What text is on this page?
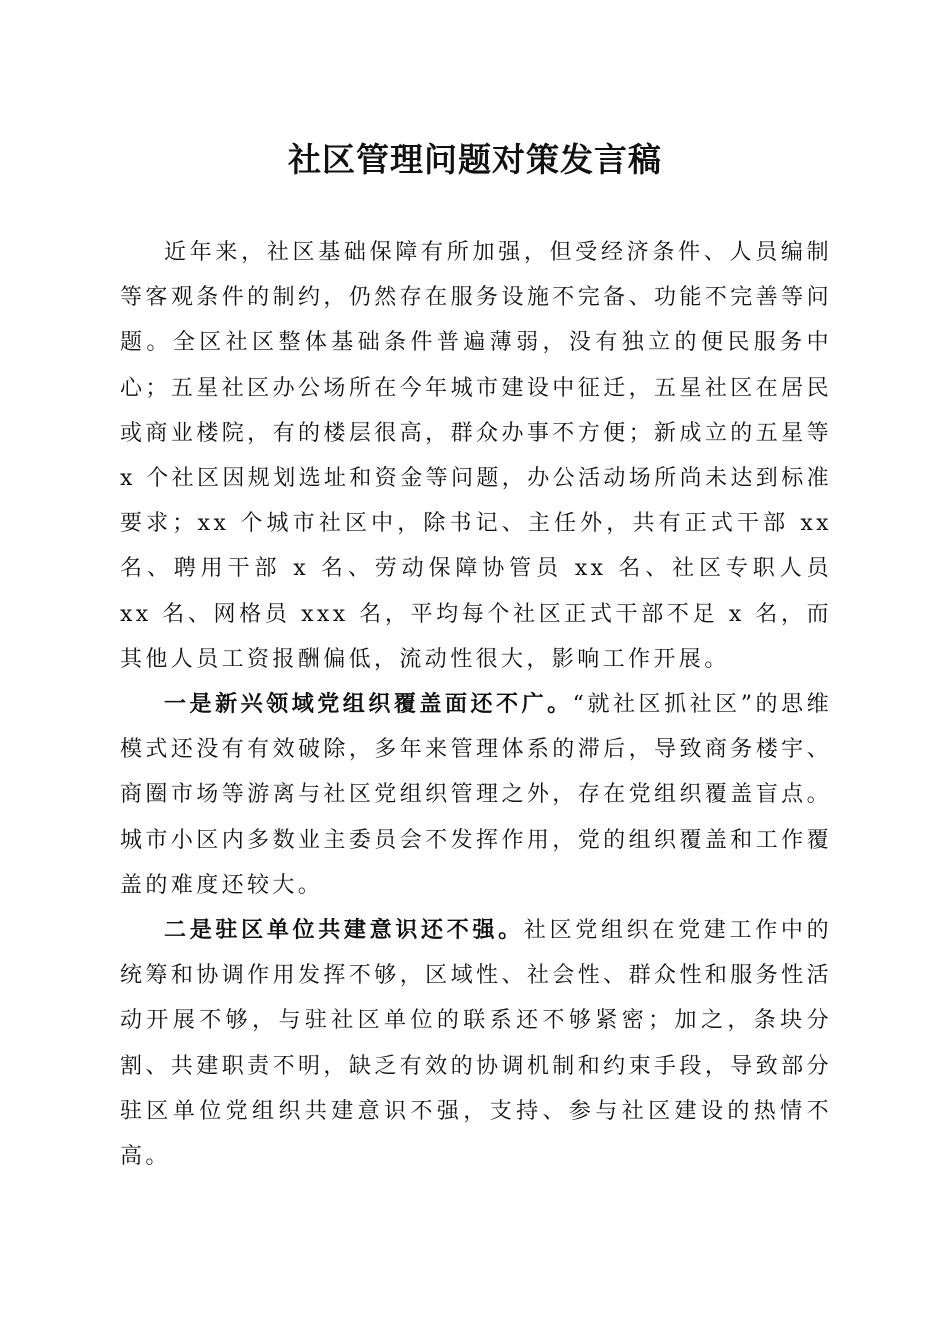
社区管理问题对策发言稿

近年来，社区基础保障有所加强，但受经济条件、人员编制等客观条件的制约，仍然存在服务设施不完备、功能不完善等问题。全区社区整体基础条件普遍薄弱，没有独立的便民服务中心；五星社区办公场所在今年城市建设中征迁，五星社区在居民或商业楼院，有的楼层很高，群众办事不方便；新成立的五星等 x 个社区因规划选址和资金等问题，办公活动场所尚未达到标准要求；xx 个城市社区中，除书记、主任外，共有正式干部 xx 名、聘用干部 x 名、劳动保障协管员 xx 名、社区专职人员 xx 名、网格员 xxx 名，平均每个社区正式干部不足 x 名，而其他人员工资报酬偏低，流动性很大，影响工作开展。

一是新兴领域党组织覆盖面还不广。“就社区抓社区”的思维模式还没有有效破除，多年来管理体系的滞后，导致商务楼宇、商圈市场等游离与社区党组织管理之外，存在党组织覆盖盲点。城市小区内多数业主委员会不发挥作用，党的组织覆盖和工作覆盖的难度还较大。

二是驻区单位共建意识还不强。社区党组织在党建工作中的统筹和协调作用发挥不够，区域性、社会性、群众性和服务性活动开展不够，与驻社区单位的联系还不够紧密；加之，条块分割、共建职责不明，缺乏有效的协调机制和约束手段，导致部分驻区单位党组织共建意识不强，支持、参与社区建设的热情不高。
